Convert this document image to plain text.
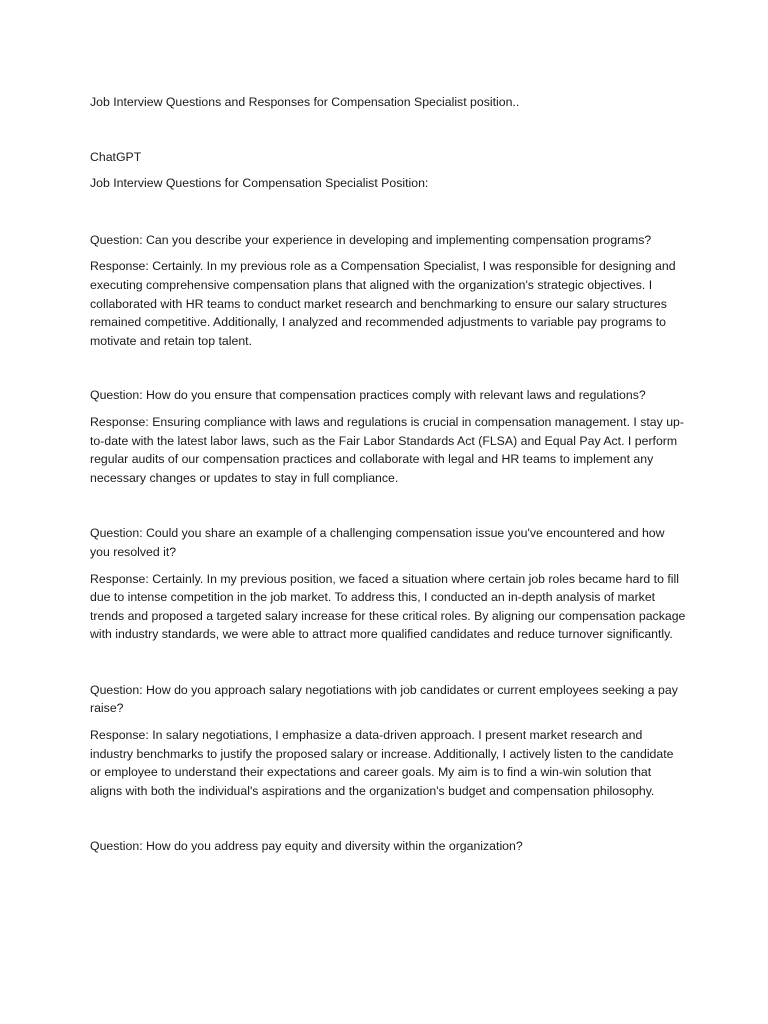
Job Interview Questions and Responses for Compensation Specialist position..

ChatGPT

Job Interview Questions for Compensation Specialist Position:

Question: Can you describe your experience in developing and implementing compensation programs?

Response: Certainly. In my previous role as a Compensation Specialist, I was responsible for designing and executing comprehensive compensation plans that aligned with the organization's strategic objectives. I collaborated with HR teams to conduct market research and benchmarking to ensure our salary structures remained competitive. Additionally, I analyzed and recommended adjustments to variable pay programs to motivate and retain top talent.

Question: How do you ensure that compensation practices comply with relevant laws and regulations?

Response: Ensuring compliance with laws and regulations is crucial in compensation management. I stay up-to-date with the latest labor laws, such as the Fair Labor Standards Act (FLSA) and Equal Pay Act. I perform regular audits of our compensation practices and collaborate with legal and HR teams to implement any necessary changes or updates to stay in full compliance.

Question: Could you share an example of a challenging compensation issue you've encountered and how you resolved it?

Response: Certainly. In my previous position, we faced a situation where certain job roles became hard to fill due to intense competition in the job market. To address this, I conducted an in-depth analysis of market trends and proposed a targeted salary increase for these critical roles. By aligning our compensation package with industry standards, we were able to attract more qualified candidates and reduce turnover significantly.

Question: How do you approach salary negotiations with job candidates or current employees seeking a pay raise?

Response: In salary negotiations, I emphasize a data-driven approach. I present market research and industry benchmarks to justify the proposed salary or increase. Additionally, I actively listen to the candidate or employee to understand their expectations and career goals. My aim is to find a win-win solution that aligns with both the individual's aspirations and the organization's budget and compensation philosophy.

Question: How do you address pay equity and diversity within the organization?
